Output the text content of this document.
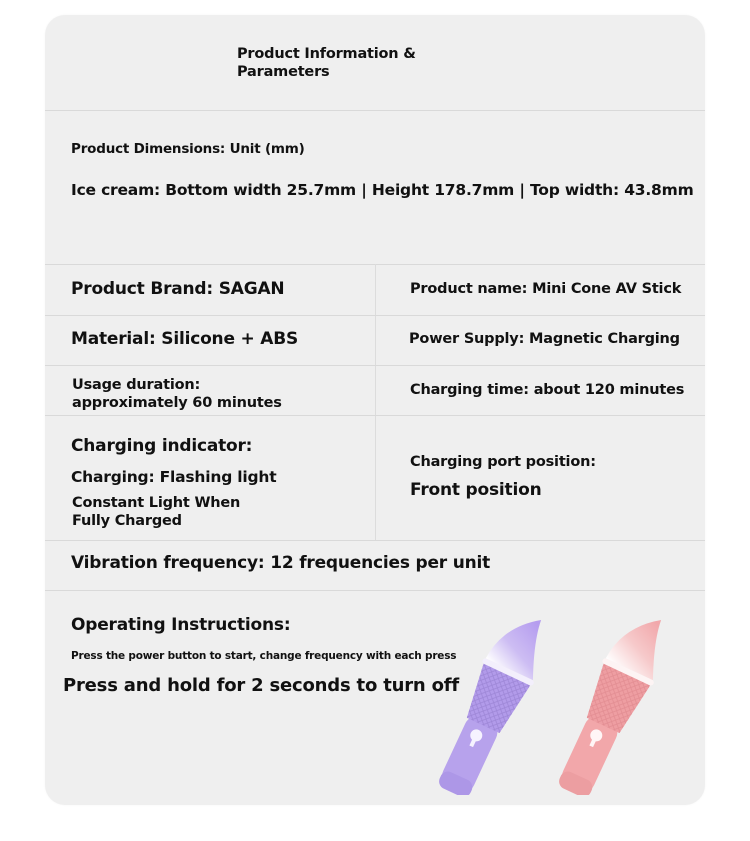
Product Information & Parameters
Product Dimensions: Unit (mm)
Ice cream: Bottom width 25.7mm | Height 178.7mm | Top width: 43.8mm
Product Brand: SAGAN	Product name: Mini Cone AV Stick
Material: Silicone + ABS	Power Supply: Magnetic Charging
Usage duration: approximately 60 minutes
Charging time: about 120 minutes
Charging indicator:
Charging: Flashing light
Constant Light When Fully Charged
Charging port position:
Front position
Vibration frequency: 12 frequencies per unit
Operating Instructions:
Press the power button to start, change frequency with each press
Press and hold for 2 seconds to turn off
